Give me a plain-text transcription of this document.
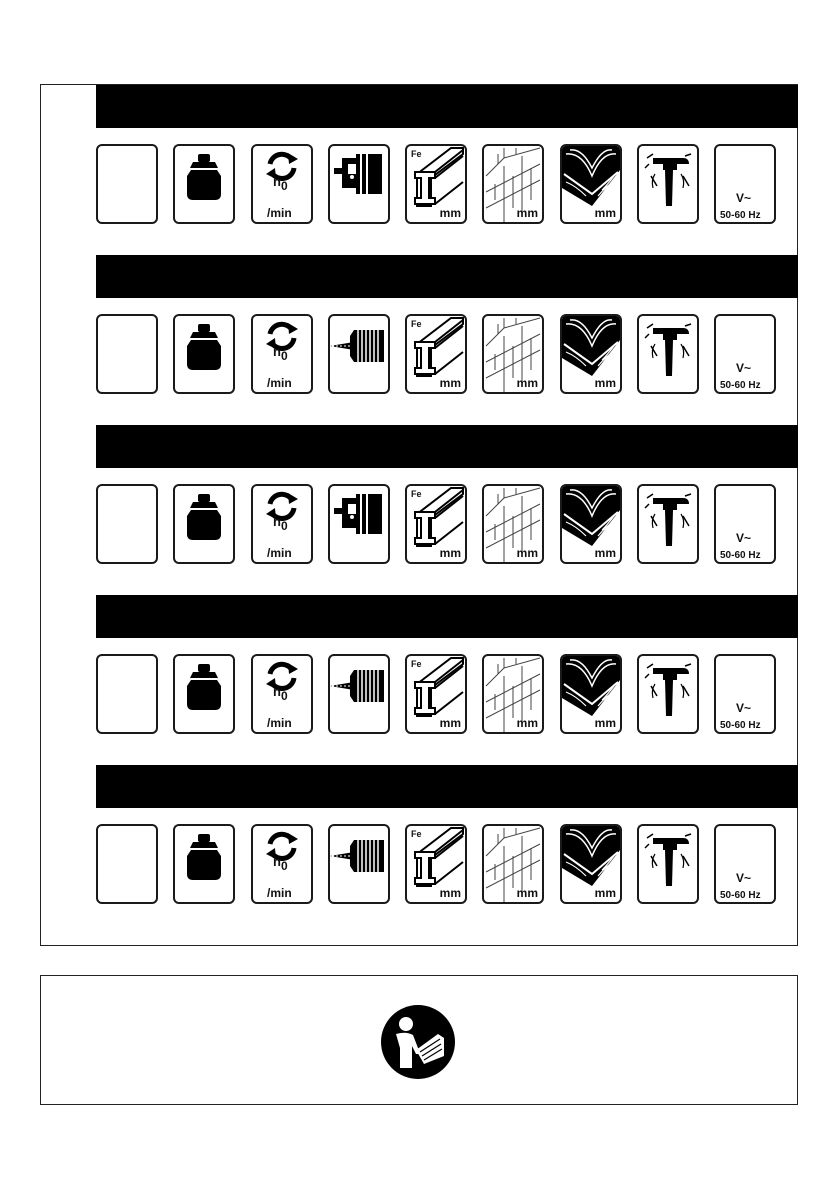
$n_0$
/min
Fe
mm	mm	mm
V~
50-60 Hz
$n_0$
/min
Fe
mm	mm	mm
V~
50-60 Hz
$n_0$
/min
Fe
mm	mm	mm
V~
50-60 Hz
$n_0$
/min
Fe
mm	mm	mm
V~
50-60 Hz
$n_0$
/min
Fe
mm	mm	mm
V~
50-60 Hz
